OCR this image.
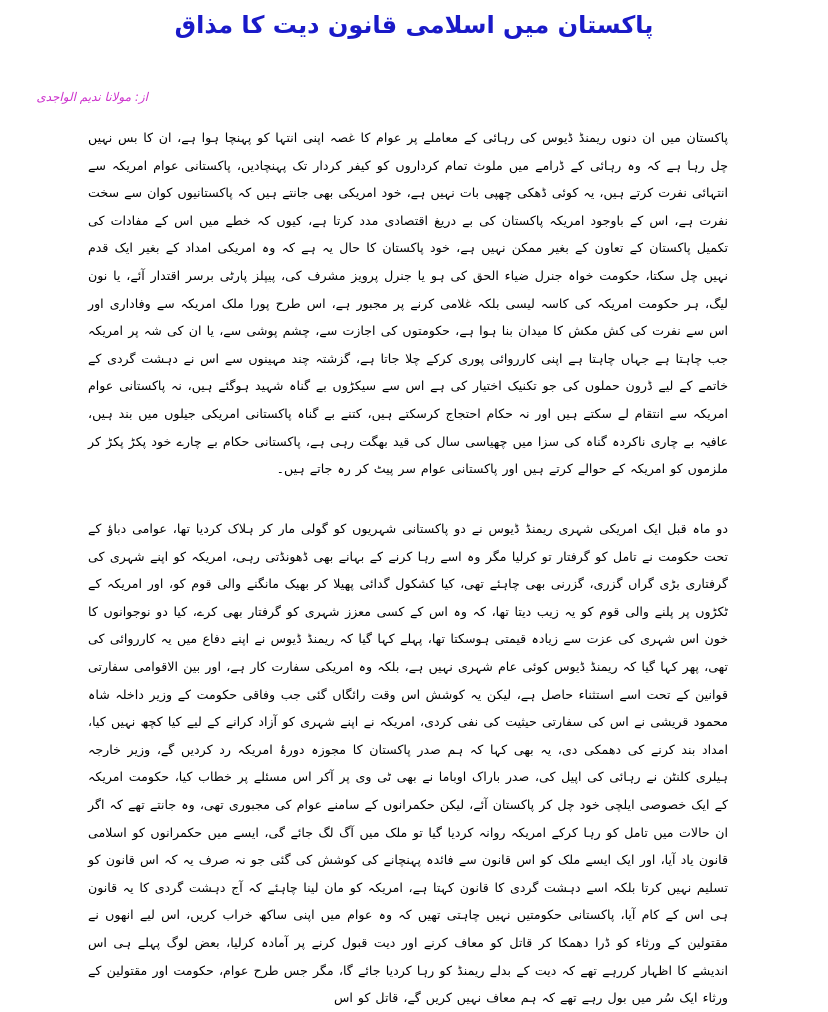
پاکستان میں اسلامی قانون دیت کا مذاق
از: مولانا ندیم الواجدی

پاکستان میں ان دنوں ریمنڈ ڈیوس کی رہائی کے معاملے پر عوام کا غصہ اپنی انتہا کو پہنچا ہوا ہے، ان کا بس نہیں چل رہا ہے کہ وہ رہائی کے ڈرامے میں ملوث تمام کرداروں کو کیفر کردار تک پہنچادیں، پاکستانی عوام امریکہ سے انتہائی نفرت کرتے ہیں، یہ کوئی ڈھکی چھپی بات نہیں ہے، خود امریکی بھی جانتے ہیں کہ پاکستانیوں کوان سے سخت نفرت ہے، اس کے باوجود امریکہ پاکستان کی بے دریغ اقتصادی مدد کرتا ہے، کیوں کہ خطے میں اس کے مفادات کی تکمیل پاکستان کے تعاون کے بغیر ممکن نہیں ہے، خود پاکستان کا حال یہ ہے کہ وہ امریکی امداد کے بغیر ایک قدم نہیں چل سکتا، حکومت خواہ جنرل ضیاء الحق کی ہو یا جنرل پرویز مشرف کی، پیپلز پارٹی برسر اقتدار آئے، یا نون لیگ، ہر حکومت امریکہ کی کاسہ لیسی بلکہ غلامی کرنے پر مجبور ہے، اس طرح پورا ملک امریکہ سے وفاداری اور اس سے نفرت کی کش مکش کا میدان بنا ہوا ہے، حکومتوں کی اجازت سے، چشم پوشی سے، یا ان کی شہ پر امریکہ جب چاہتا ہے جہاں چاہتا ہے اپنی کارروائی پوری کرکے چلا جاتا ہے، گزشتہ چند مہینوں سے اس نے دہشت گردی کے خاتمے کے لیے ڈرون حملوں کی جو تکنیک اختیار کی ہے اس سے سیکڑوں بے گناہ شہید ہوگئے ہیں، نہ پاکستانی عوام امریکہ سے انتقام لے سکتے ہیں اور نہ حکام احتجاج کرسکتے ہیں، کتنے بے گناہ پاکستانی امریکی جیلوں میں بند ہیں، عافیہ بے چاری ناکردہ گناہ کی سزا میں چھیاسی سال کی قید بھگت رہی ہے، پاکستانی حکام بے چارے خود پکڑ پکڑ کر ملزموں کو امریکہ کے حوالے کرتے ہیں اور پاکستانی عوام سر پیٹ کر رہ جاتے ہیں۔

دو ماہ قبل ایک امریکی شہری ریمنڈ ڈیوس نے دو پاکستانی شہریوں کو گولی مار کر ہلاک کردیا تھا، عوامی دباؤ کے تحت حکومت نے تامل کو گرفتار تو کرلیا مگر وہ اسے رہا کرنے کے بہانے بھی ڈھونڈتی رہی، امریکہ کو اپنے شہری کی گرفتاری بڑی گراں گزری، گزرنی بھی چاہئے تھی، کیا کشکول گدائی پھیلا کر بھیک مانگنے والی قوم کو، اور امریکہ کے ٹکڑوں پر پلنے والی قوم کو یہ زیب دیتا تھا، کہ وہ اس کے کسی معزز شہری کو گرفتار بھی کرے، کیا دو نوجوانوں کا خون اس شہری کی عزت سے زیادہ قیمتی ہوسکتا تھا، پہلے کہا گیا کہ ریمنڈ ڈیوس نے اپنے دفاع میں یہ کارروائی کی تھی، پھر کہا گیا کہ ریمنڈ ڈیوس کوئی عام شہری نہیں ہے، بلکہ وہ امریکی سفارت کار ہے، اور بین الاقوامی سفارتی قوانین کے تحت اسے استثناء حاصل ہے، لیکن یہ کوشش اس وقت رائگاں گئی جب وفاقی حکومت کے وزیر داخلہ شاہ محمود قریشی نے اس کی سفارتی حیثیت کی نفی کردی، امریکہ نے اپنے شہری کو آزاد کرانے کے لیے کیا کچھ نہیں کیا، امداد بند کرنے کی دھمکی دی، یہ بھی کہا کہ ہم صدر پاکستان کا مجوزہ دورۂ امریکہ رد کردیں گے، وزیر خارجہ ہیلری کلنٹن نے رہائی کی اپیل کی، صدر باراک اوباما نے بھی ٹی وی پر آکر اس مسئلے پر خطاب کیا، حکومت امریکہ کے ایک خصوصی ایلچی خود چل کر پاکستان آئے، لیکن حکمرانوں کے سامنے عوام کی مجبوری تھی، وہ جانتے تھے کہ اگر ان حالات میں تامل کو رہا کرکے امریکہ روانہ کردیا گیا تو ملک میں آگ لگ جائے گی، ایسے میں حکمرانوں کو اسلامی قانون یاد آیا، اور ایک ایسے ملک کو اس قانون سے فائدہ پہنچانے کی کوشش کی گئی جو نہ صرف یہ کہ اس قانون کو تسلیم نہیں کرتا بلکہ اسے دہشت گردی کا قانون کہتا ہے، امریکہ کو مان لینا چاہئے کہ آج دہشت گردی کا یہ قانون ہی اس کے کام آیا، پاکستانی حکومتیں نہیں چاہتی تھیں کہ وہ عوام میں اپنی ساکھ خراب کریں، اس لیے انھوں نے مقتولین کے ورثاء کو ڈرا دھمکا کر قاتل کو معاف کرنے اور دیت قبول کرنے پر آمادہ کرلیا، بعض لوگ پہلے ہی اس اندیشے کا اظہار کررہے تھے کہ دیت کے بدلے ریمنڈ کو رہا کردیا جائے گا، مگر جس طرح عوام، حکومت اور مقتولین کے ورثاء ایک سُر میں بول رہے تھے کہ ہم معاف نہیں کریں گے، قاتل کو اس
